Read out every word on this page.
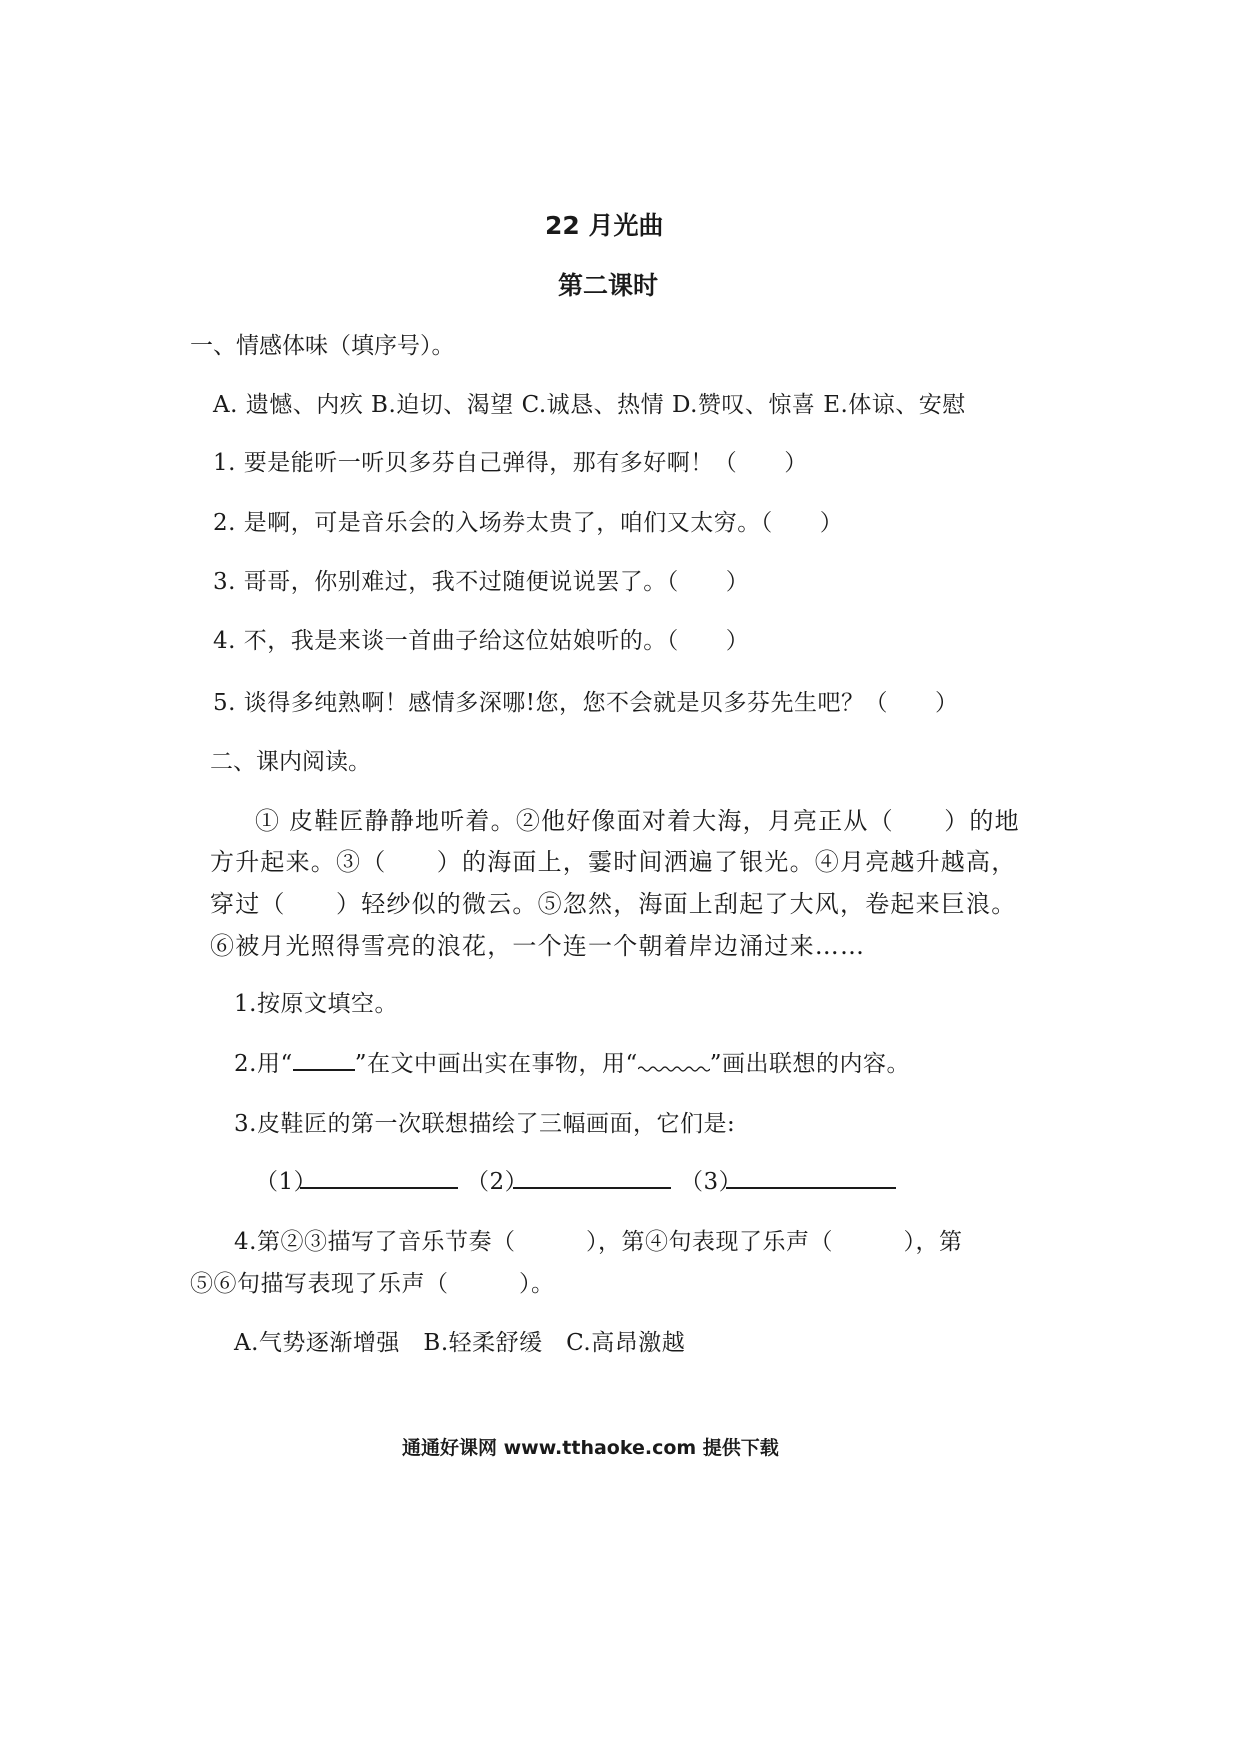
22 月光曲
第二课时
一、情感体味（填序号）。
A. 遗憾、内疚 B.迫切、渴望 C.诚恳、热情 D.赞叹、惊喜 E.体谅、安慰
1. 要是能听一听贝多芬自己弹得，那有多好啊！（　　）
2. 是啊，可是音乐会的入场券太贵了，咱们又太穷。（　　）
3. 哥哥，你别难过，我不过随便说说罢了。（　　）
4. 不，我是来谈一首曲子给这位姑娘听的。（　　）
5. 谈得多纯熟啊！感情多深哪!您，您不会就是贝多芬先生吧？（　　）
二、课内阅读。
① 皮鞋匠静静地听着。②他好像面对着大海，月亮正从（　　）的地
方升起来。③（　　）的海面上，霎时间洒遍了银光。④月亮越升越高，
穿过（　　）轻纱似的微云。⑤忽然，海面上刮起了大风，卷起来巨浪。
⑥被月光照得雪亮的浪花，一个连一个朝着岸边涌过来……
1.按原文填空。
2.用“	”在文中画出实在事物，用“	”画出联想的内容。
3.皮鞋匠的第一次联想描绘了三幅画面，它们是:
（1）	（2）	（3）
4.第②③描写了音乐节奏（　　　），第④句表现了乐声（　　　），第
⑤⑥句描写表现了乐声（　　　）。
A.气势逐渐增强　B.轻柔舒缓　C.高昂激越
通通好课网 www.tthaoke.com 提供下载
